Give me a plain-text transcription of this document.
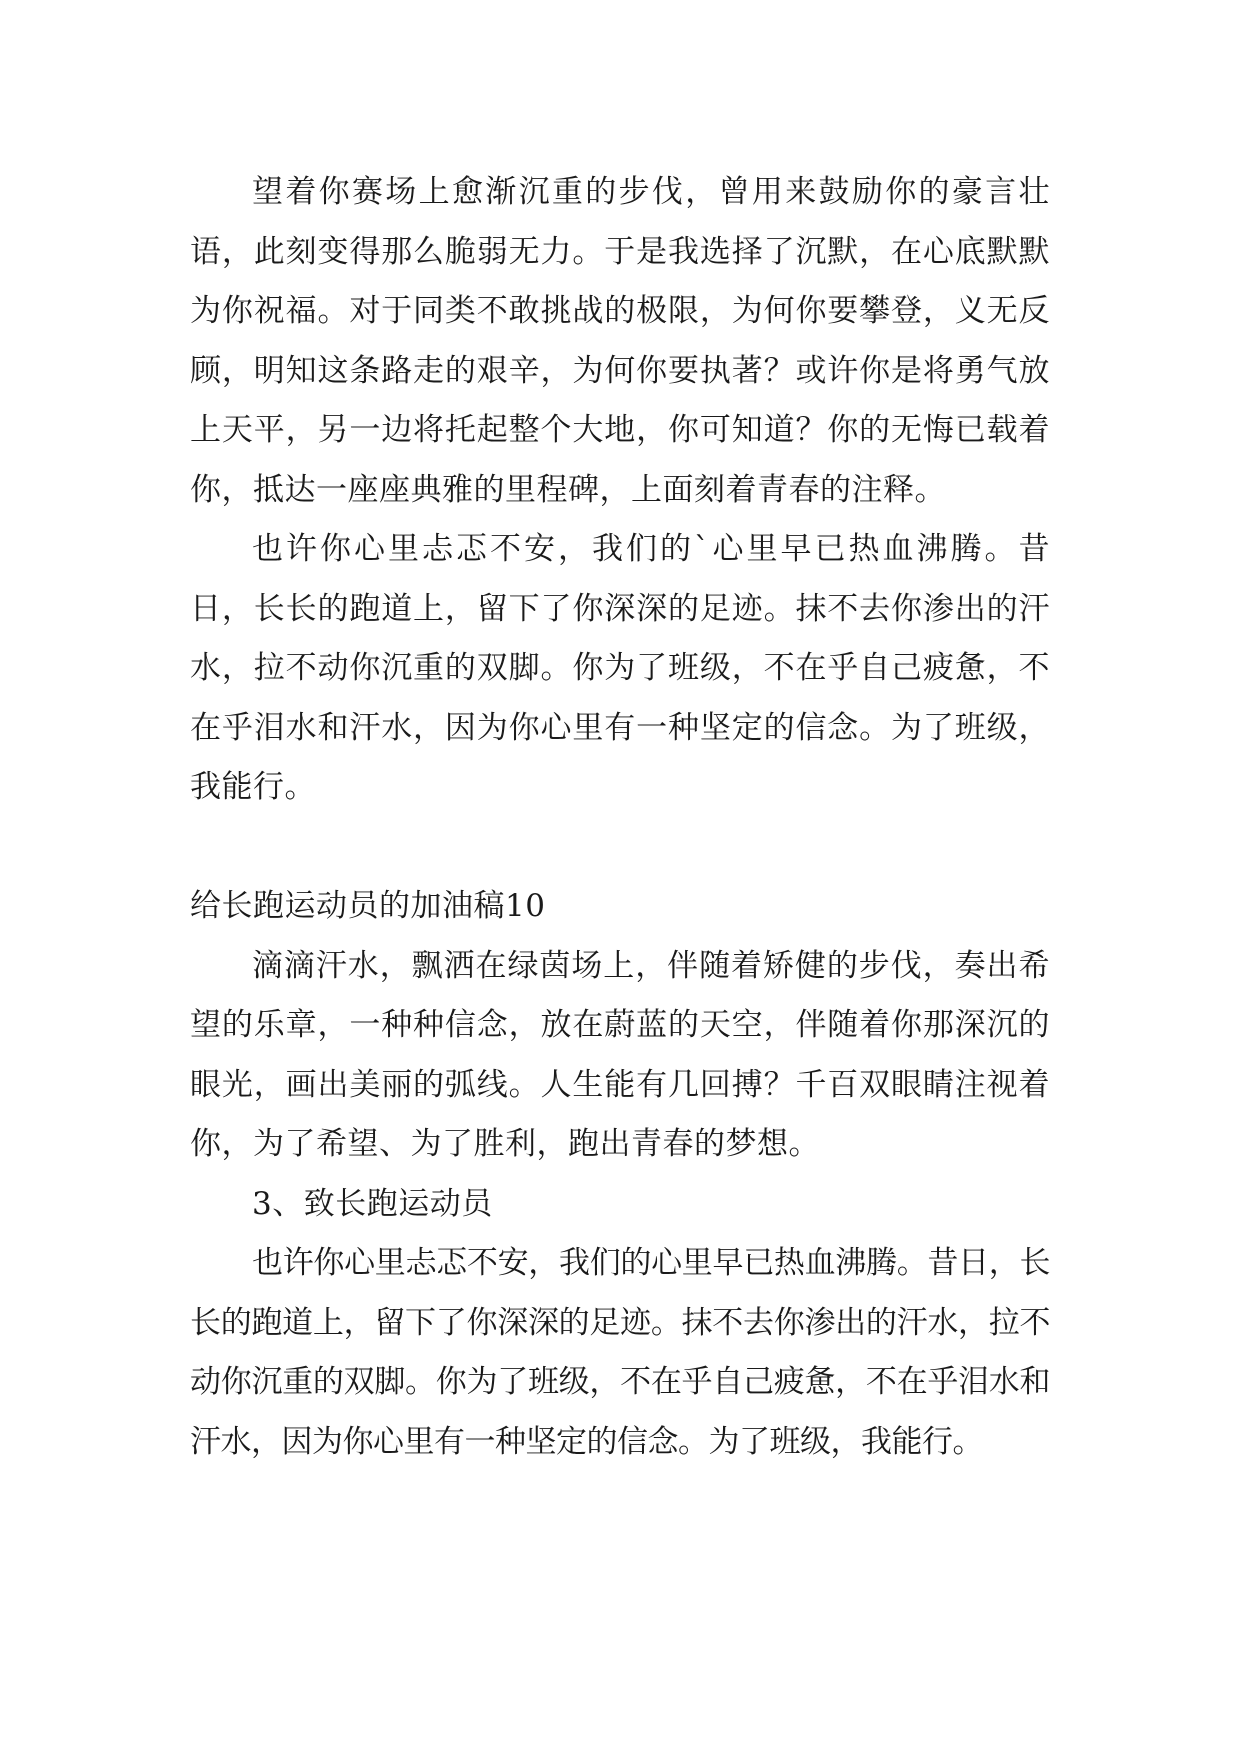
望着你赛场上愈渐沉重的步伐，曾用来鼓励你的豪言壮语，此刻变得那么脆弱无力。于是我选择了沉默，在心底默默为你祝福。对于同类不敢挑战的极限，为何你要攀登，义无反顾，明知这条路走的艰辛，为何你要执著？或许你是将勇气放上天平，另一边将托起整个大地，你可知道？你的无悔已载着你，抵达一座座典雅的里程碑，上面刻着青春的注释。

也许你心里忐忑不安，我们的`心里早已热血沸腾。昔日，长长的跑道上，留下了你深深的足迹。抹不去你渗出的汗水，拉不动你沉重的双脚。你为了班级，不在乎自己疲惫，不在乎泪水和汗水，因为你心里有一种坚定的信念。为了班级，我能行。

给长跑运动员的加油稿10

滴滴汗水，飘洒在绿茵场上，伴随着矫健的步伐，奏出希望的乐章，一种种信念，放在蔚蓝的天空，伴随着你那深沉的眼光，画出美丽的弧线。人生能有几回搏？千百双眼睛注视着你，为了希望、为了胜利，跑出青春的梦想。

3、致长跑运动员

也许你心里忐忑不安，我们的心里早已热血沸腾。昔日，长长的跑道上，留下了你深深的足迹。抹不去你渗出的汗水，拉不动你沉重的双脚。你为了班级，不在乎自己疲惫，不在乎泪水和汗水，因为你心里有一种坚定的信念。为了班级，我能行。
